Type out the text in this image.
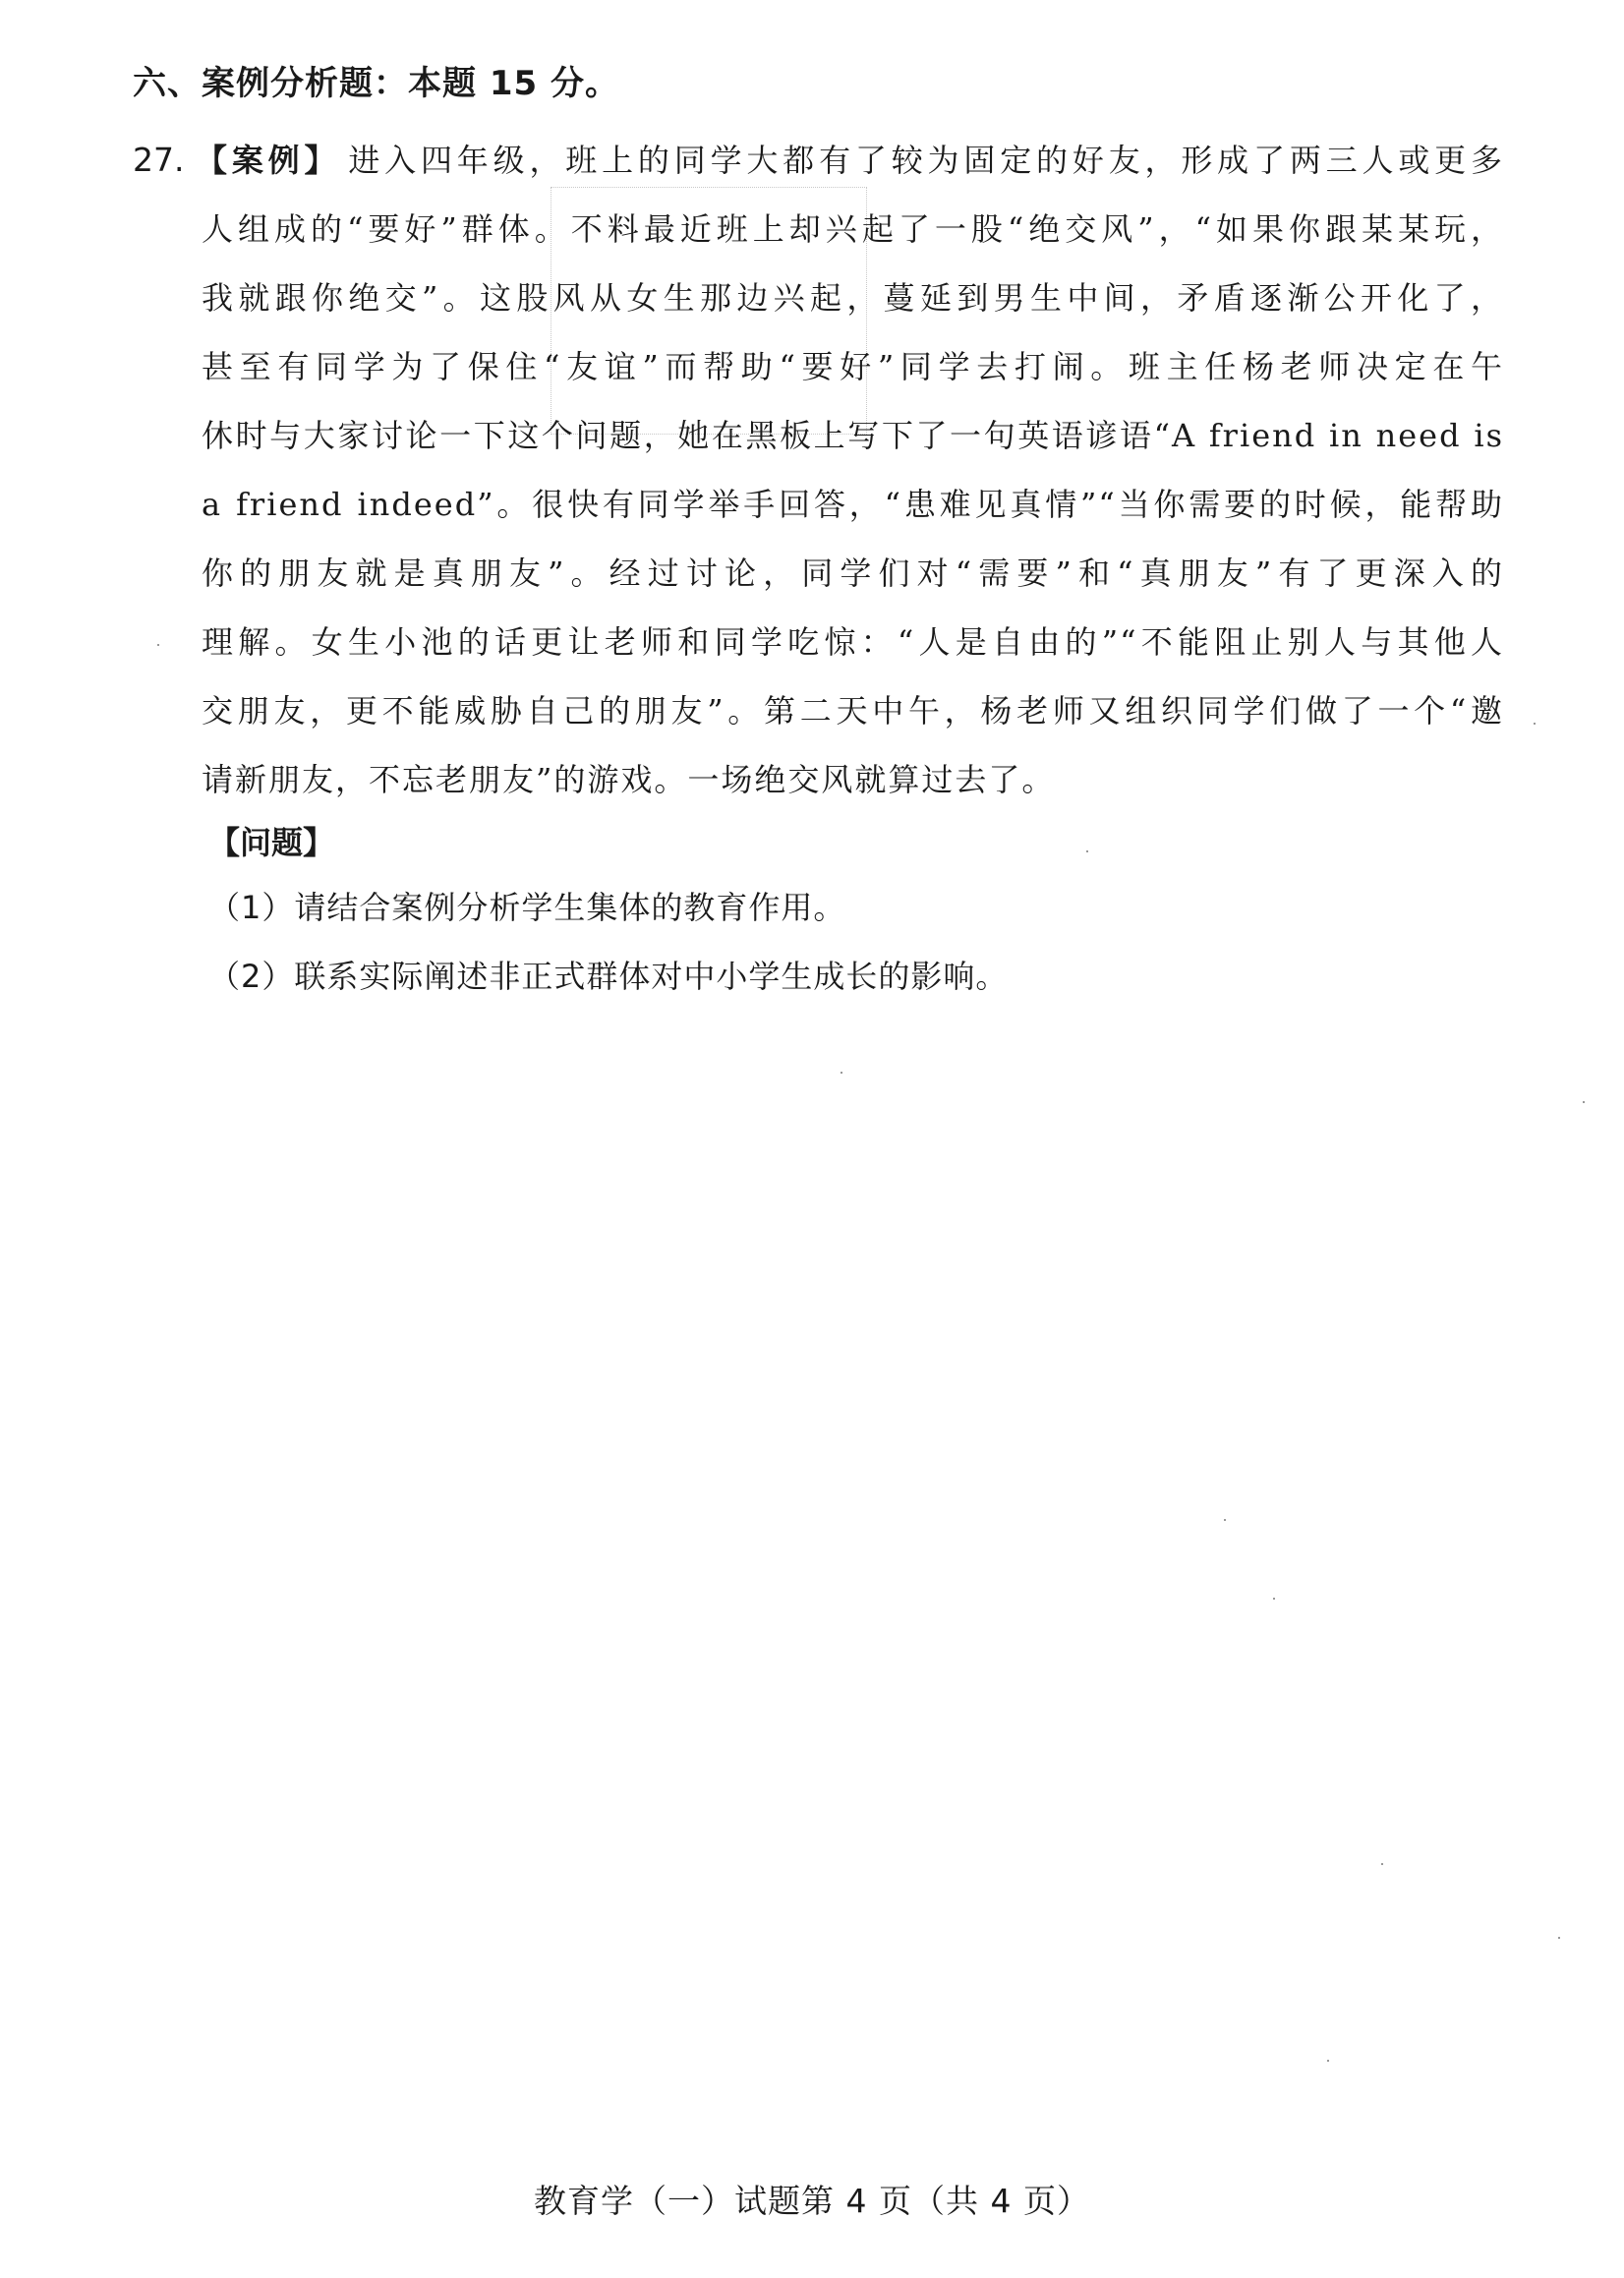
六、案例分析题：本题 15 分。
27. 【案例】 进入四年级，班上的同学大都有了较为固定的好友，形成了两三人或更多
人组成的“要好”群体。不料最近班上却兴起了一股“绝交风”，“如果你跟某某玩，
我就跟你绝交”。这股风从女生那边兴起，蔓延到男生中间，矛盾逐渐公开化了，
甚至有同学为了保住“友谊”而帮助“要好”同学去打闹。班主任杨老师决定在午
休时与大家讨论一下这个问题，她在黑板上写下了一句英语谚语“A friend in need is
a friend indeed”。很快有同学举手回答，“患难见真情”“当你需要的时候，能帮助
你的朋友就是真朋友”。经过讨论，同学们对“需要”和“真朋友”有了更深入的
理解。女生小池的话更让老师和同学吃惊：“人是自由的”“不能阻止别人与其他人
交朋友，更不能威胁自己的朋友”。第二天中午，杨老师又组织同学们做了一个“邀
请新朋友，不忘老朋友”的游戏。一场绝交风就算过去了。
【问题】
（1）请结合案例分析学生集体的教育作用。
（2）联系实际阐述非正式群体对中小学生成长的影响。
教育学（一）试题第 4 页（共 4 页）
